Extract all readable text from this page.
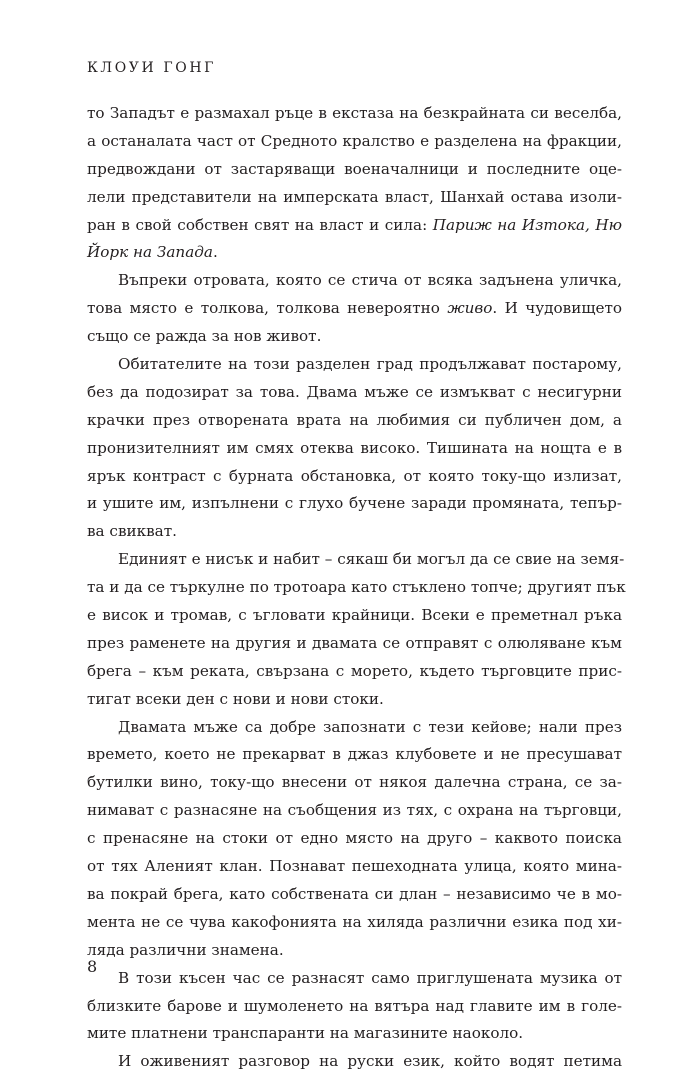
КЛОУИ ГОНГ
то Западът е размахал ръце в екстаза на безкрайната си веселба,
а останалата част от Средното кралство е разделена на фракции,
предвождани от застаряващи военачалници и последните оце-
лели представители на имперската власт, Шанхай остава изоли-
ран в свой собствен свят на власт и сила: Париж на Изтока, Ню
Йорк на Запада.
Въпреки отровата, която се стича от всяка задънена уличка,
това място е толкова, толкова невероятно живо. И чудовището
също се ражда за нов живот.
Обитателите на този разделен град продължават постарому,
без да подозират за това. Двама мъже се измъкват с несигурни
крачки през отворената врата на любимия си публичен дом, а
пронизителният им смях отеква високо. Тишината на нощта е в
ярък контраст с бурната обстановка, от която току-що излизат,
и ушите им, изпълнени с глухо бучене заради промяната, тепър-
ва свикват.
Единият е нисък и набит – сякаш би могъл да се свие на земя-
та и да се търкулне по тротоара като стъклено топче; другият пък
е висок и тромав, с ъгловати крайници. Всеки е преметнал ръка
през раменете на другия и двамата се отправят с олюляване към
брега – към реката, свързана с морето, където търговците прис-
тигат всеки ден с нови и нови стоки.
Двамата мъже са добре запознати с тези кейове; нали през
времето, което не прекарват в джаз клубовете и не пресушават
бутилки вино, току-що внесени от някоя далечна страна, се за-
нимават с разнасяне на съобщения из тях, с охрана на търговци,
с пренасяне на стоки от едно място на друго – каквото поиска
от тях Алeният клан. Познават пешеходната улица, която мина-
ва покрай брега, като собствената си длан – независимо че в мо-
мента не се чува какофонията на хиляда различни езика под хи-
ляда различни знамена.
В този късен час се разнасят само приглушената музика от
близките барове и шумоленето на вятъра над главите им в голе-
мите платнени транспаранти на магазините наоколо.
И оживеният разговор на руски език, който водят петима
8
